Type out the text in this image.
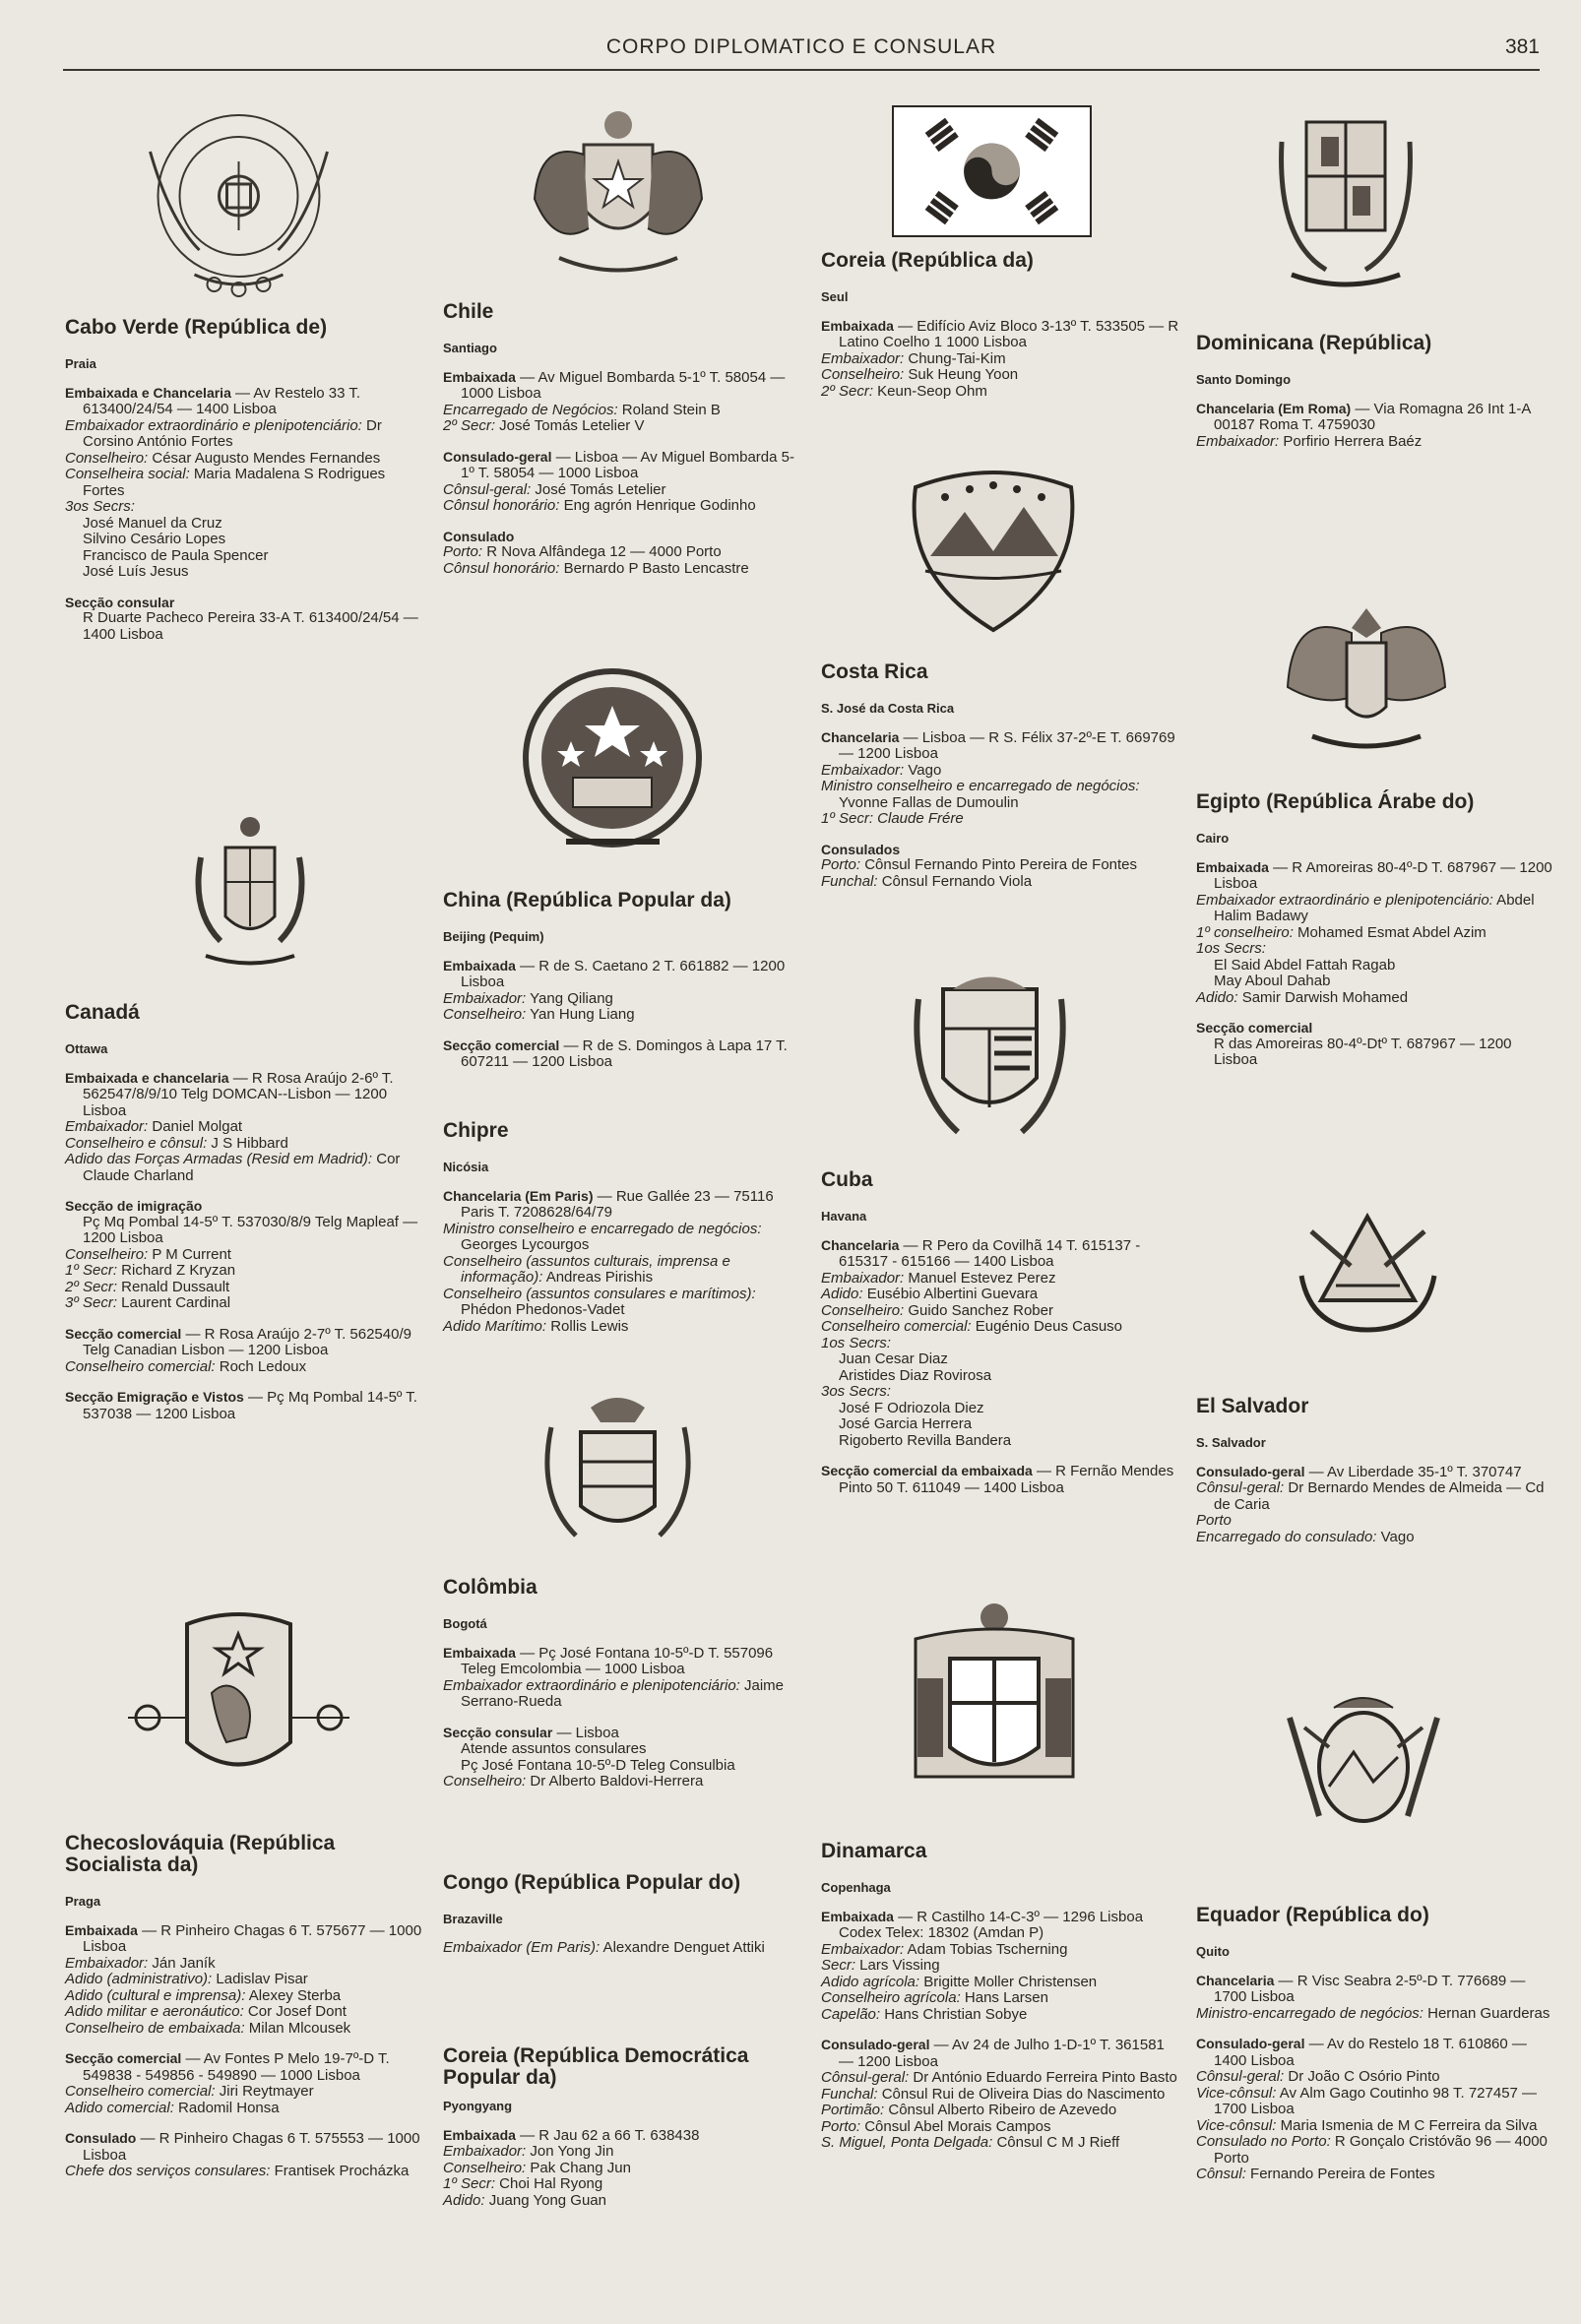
CORPO DIPLOMATICO E CONSULAR	381
Cabo Verde (República de)
Praia

Embaixada e Chancelaria — Av Restelo 33 T. 613400/24/54 — 1400 Lisboa
Embaixador extraordinário e plenipotenciário: Dr Corsino António Fortes
Conselheiro: César Augusto Mendes Fernandes
Conselheira social: Maria Madalena S Rodrigues Fortes
3os Secrs:
José Manuel da Cruz
Silvino Cesário Lopes
Francisco de Paula Spencer
José Luís Jesus

Secção consular
R Duarte Pacheco Pereira 33-A T. 613400/24/54 — 1400 Lisboa

Canadá
Ottawa

Embaixada e chancelaria — R Rosa Araújo 2-6º T. 562547/8/9/10 Telg DOMCAN--Lisbon — 1200 Lisboa
Embaixador: Daniel Molgat
Conselheiro e cônsul: J S Hibbard
Adido das Forças Armadas (Resid em Madrid): Cor Claude Charland

Secção de imigração
Pç Mq Pombal 14-5º T. 537030/8/9 Telg Mapleaf — 1200 Lisboa
Conselheiro: P M Current
1º Secr: Richard Z Kryzan
2º Secr: Renald Dussault
3º Secr: Laurent Cardinal

Secção comercial — R Rosa Araújo 2-7º T. 562540/9 Telg Canadian Lisbon — 1200 Lisboa
Conselheiro comercial: Roch Ledoux

Secção Emigração e Vistos — Pç Mq Pombal 14-5º T. 537038 — 1200 Lisboa

Checoslováquia (República Socialista da)
Praga

Embaixada — R Pinheiro Chagas 6 T. 575677 — 1000 Lisboa
Embaixador: Ján Janík
Adido (administrativo): Ladislav Pisar
Adido (cultural e imprensa): Alexey Sterba
Adido militar e aeronáutico: Cor Josef Dont
Conselheiro de embaixada: Milan Mlcousek

Secção comercial — Av Fontes P Melo 19-7º-D T. 549838 - 549856 - 549890 — 1000 Lisboa
Conselheiro comercial: Jiri Reytmayer
Adido comercial: Radomil Honsa

Consulado — R Pinheiro Chagas 6 T. 575553 — 1000 Lisboa
Chefe dos serviços consulares: Frantisek Procházka

Chile
Santiago

Embaixada — Av Miguel Bombarda 5-1º T. 58054 — 1000 Lisboa
Encarregado de Negócios: Roland Stein B
2º Secr: José Tomás Letelier V

Consulado-geral — Lisboa — Av Miguel Bombarda 5-1º T. 58054 — 1000 Lisboa
Cônsul-geral: José Tomás Letelier
Cônsul honorário: Eng agrón Henrique Godinho

Consulado
Porto: R Nova Alfândega 12 — 4000 Porto
Cônsul honorário: Bernardo P Basto Lencastre

China (República Popular da)
Beijing (Pequim)

Embaixada — R de S. Caetano 2 T. 661882 — 1200 Lisboa
Embaixador: Yang Qiliang
Conselheiro: Yan Hung Liang

Secção comercial — R de S. Domingos à Lapa 17 T. 607211 — 1200 Lisboa

Chipre
Nicósia

Chancelaria (Em Paris) — Rue Gallée 23 — 75116 Paris T. 7208628/64/79
Ministro conselheiro e encarregado de negócios: Georges Lycourgos
Conselheiro (assuntos culturais, imprensa e informação): Andreas Pirishis
Conselheiro (assuntos consulares e marítimos): Phédon Phedonos-Vadet
Adido Marítimo: Rollis Lewis

Colômbia
Bogotá

Embaixada — Pç José Fontana 10-5º-D T. 557096 Teleg Emcolombia — 1000 Lisboa
Embaixador extraordinário e plenipotenciário: Jaime Serrano-Rueda

Secção consular — Lisboa
Atende assuntos consulares
Pç José Fontana 10-5º-D Teleg Consulbia
Conselheiro: Dr Alberto Baldovi-Herrera

Congo (República Popular do)
Brazaville

Embaixador (Em Paris): Alexandre Denguet Attiki

Coreia (República Democrática Popular da)
Pyongyang

Embaixada — R Jau 62 a 66 T. 638438
Embaixador: Jon Yong Jin
Conselheiro: Pak Chang Jun
1º Secr: Choi Hal Ryong
Adido: Juang Yong Guan

Coreia (República da)
Seul

Embaixada — Edifício Aviz Bloco 3-13º T. 533505 — R Latino Coelho 1 1000 Lisboa
Embaixador: Chung-Tai-Kim
Conselheiro: Suk Heung Yoon
2º Secr: Keun-Seop Ohm

Costa Rica
S. José da Costa Rica

Chancelaria — Lisboa — R S. Félix 37-2º-E T. 669769 — 1200 Lisboa
Embaixador: Vago
Ministro conselheiro e encarregado de negócios: Yvonne Fallas de Dumoulin
1º Secr: Claude Frére

Consulados
Porto: Cônsul Fernando Pinto Pereira de Fontes
Funchal: Cônsul Fernando Viola

Cuba
Havana

Chancelaria — R Pero da Covilhã 14 T. 615137 - 615317 - 615166 — 1400 Lisboa
Embaixador: Manuel Estevez Perez
Adido: Eusébio Albertini Guevara
Conselheiro: Guido Sanchez Rober
Conselheiro comercial: Eugénio Deus Casuso
1os Secrs:
Juan Cesar Diaz
Aristides Diaz Rovirosa
3os Secrs:
José F Odriozola Diez
José Garcia Herrera
Rigoberto Revilla Bandera

Secção comercial da embaixada — R Fernão Mendes Pinto 50 T. 611049 — 1400 Lisboa

Dinamarca
Copenhaga

Embaixada — R Castilho 14-C-3º — 1296 Lisboa Codex Telex: 18302 (Amdan P)
Embaixador: Adam Tobias Tscherning
Secr: Lars Vissing
Adido agrícola: Brigitte Moller Christensen
Conselheiro agrícola: Hans Larsen
Capelão: Hans Christian Sobye

Consulado-geral — Av 24 de Julho 1-D-1º T. 361581 — 1200 Lisboa
Cônsul-geral: Dr António Eduardo Ferreira Pinto Basto
Funchal: Cônsul Rui de Oliveira Dias do Nascimento
Portimão: Cônsul Alberto Ribeiro de Azevedo
Porto: Cônsul Abel Morais Campos
S. Miguel, Ponta Delgada: Cônsul C M J Rieff

Dominicana (República)
Santo Domingo

Chancelaria (Em Roma) — Via Romagna 26 Int 1-A 00187 Roma T. 4759030
Embaixador: Porfirio Herrera Baéz

Egipto (República Árabe do)
Cairo

Embaixada — R Amoreiras 80-4º-D T. 687967 — 1200 Lisboa
Embaixador extraordinário e plenipotenciário: Abdel Halim Badawy
1º conselheiro: Mohamed Esmat Abdel Azim
1os Secrs:
El Said Abdel Fattah Ragab
May Aboul Dahab
Adido: Samir Darwish Mohamed

Secção comercial
R das Amoreiras 80-4º-Dtº T. 687967 — 1200 Lisboa

El Salvador
S. Salvador

Consulado-geral — Av Liberdade 35-1º T. 370747
Cônsul-geral: Dr Bernardo Mendes de Almeida — Cd de Caria
Porto
Encarregado do consulado: Vago

Equador (República do)
Quito

Chancelaria — R Visc Seabra 2-5º-D T. 776689 — 1700 Lisboa
Ministro-encarregado de negócios: Hernan Guarderas

Consulado-geral — Av do Restelo 18 T. 610860 — 1400 Lisboa
Cônsul-geral: Dr João C Osório Pinto
Vice-cônsul: Av Alm Gago Coutinho 98 T. 727457 — 1700 Lisboa
Vice-cônsul: Maria Ismenia de M C Ferreira da Silva
Consulado no Porto: R Gonçalo Cristóvão 96 — 4000 Porto
Cônsul: Fernando Pereira de Fontes
